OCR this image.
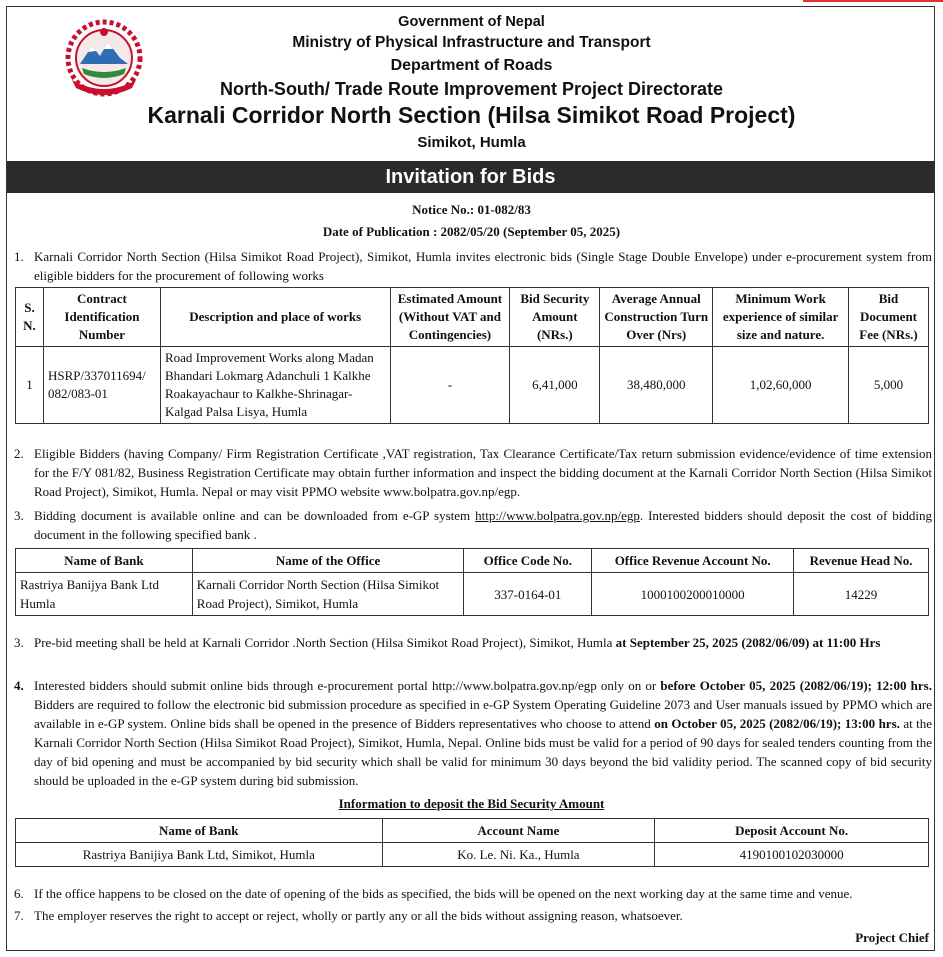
Government of Nepal
Ministry of Physical Infrastructure and Transport
Department of Roads
North-South/ Trade Route Improvement Project Directorate
Karnali Corridor North Section (Hilsa Simikot Road Project)
Simikot, Humla
Invitation for Bids
Notice No.: 01-082/83
Date of Publication : 2082/05/20 (September 05, 2025)
1. Karnali Corridor North Section (Hilsa Simikot Road Project), Simikot, Humla invites electronic bids (Single Stage Double Envelope) under e-procurement system from eligible bidders for the procurement of following works
S. N.	Contract Identification Number	Description and place of works	Estimated Amount (Without VAT and Contingencies)	Bid Security Amount (NRs.)	Average Annual Construction Turn Over (Nrs)	Minimum Work experience of similar size and nature.	Bid Document Fee (NRs.)
1	HSRP/337011694/ 082/083-01	Road Improvement Works along Madan Bhandari Lokmarg Adanchuli 1 Kalkhe Roakayachaur to Kalkhe-Shrinagar- Kalgad Palsa Lisya, Humla	-	6,41,000	38,480,000	1,02,60,000	5,000
2. Eligible Bidders (having Company/ Firm Registration Certificate ,VAT registration, Tax Clearance Certificate/Tax return submission evidence/evidence of time extension for the F/Y 081/82, Business Registration Certificate may obtain further information and inspect the bidding document at the Karnali Corridor North Section (Hilsa Simikot Road Project), Simikot, Humla. Nepal or may visit PPMO website www.bolpatra.gov.np/egp.
3. Bidding document is available online and can be downloaded from e-GP system http://www.bolpatra.gov.np/egp. Interested bidders should deposit the cost of bidding document in the following specified bank .
Name of Bank	Name of the Office	Office Code No.	Office Revenue Account No.	Revenue Head No.
Rastriya Banijya Bank Ltd Humla	Karnali Corridor North Section (Hilsa Simikot Road Project), Simikot, Humla	337-0164-01	1000100200010000	14229
3. Pre-bid meeting shall be held at Karnali Corridor .North Section (Hilsa Simikot Road Project), Simikot, Humla at September 25, 2025 (2082/06/09) at 11:00 Hrs
4. Interested bidders should submit online bids through e-procurement portal http://www.bolpatra.gov.np/egp only on or before October 05, 2025 (2082/06/19); 12:00 hrs. Bidders are required to follow the electronic bid submission procedure as specified in e-GP System Operating Guideline 2073 and User manuals issued by PPMO which are available in e-GP system. Online bids shall be opened in the presence of Bidders representatives who choose to attend on October 05, 2025 (2082/06/19); 13:00 hrs. at the Karnali Corridor North Section (Hilsa Simikot Road Project), Simikot, Humla, Nepal. Online bids must be valid for a period of 90 days for sealed tenders counting from the day of bid opening and must be accompanied by bid security which shall be valid for minimum 30 days beyond the bid validity period. The scanned copy of bid security should be uploaded in the e-GP system during bid submission.
Information to deposit the Bid Security Amount
Name of Bank	Account Name	Deposit Account No.
Rastriya Banijiya Bank Ltd, Simikot, Humla	Ko. Le. Ni. Ka., Humla	4190100102030000
6. If the office happens to be closed on the date of opening of the bids as specified, the bids will be opened on the next working day at the same time and venue.
7. The employer reserves the right to accept or reject, wholly or partly any or all the bids without assigning reason, whatsoever.
Project Chief
